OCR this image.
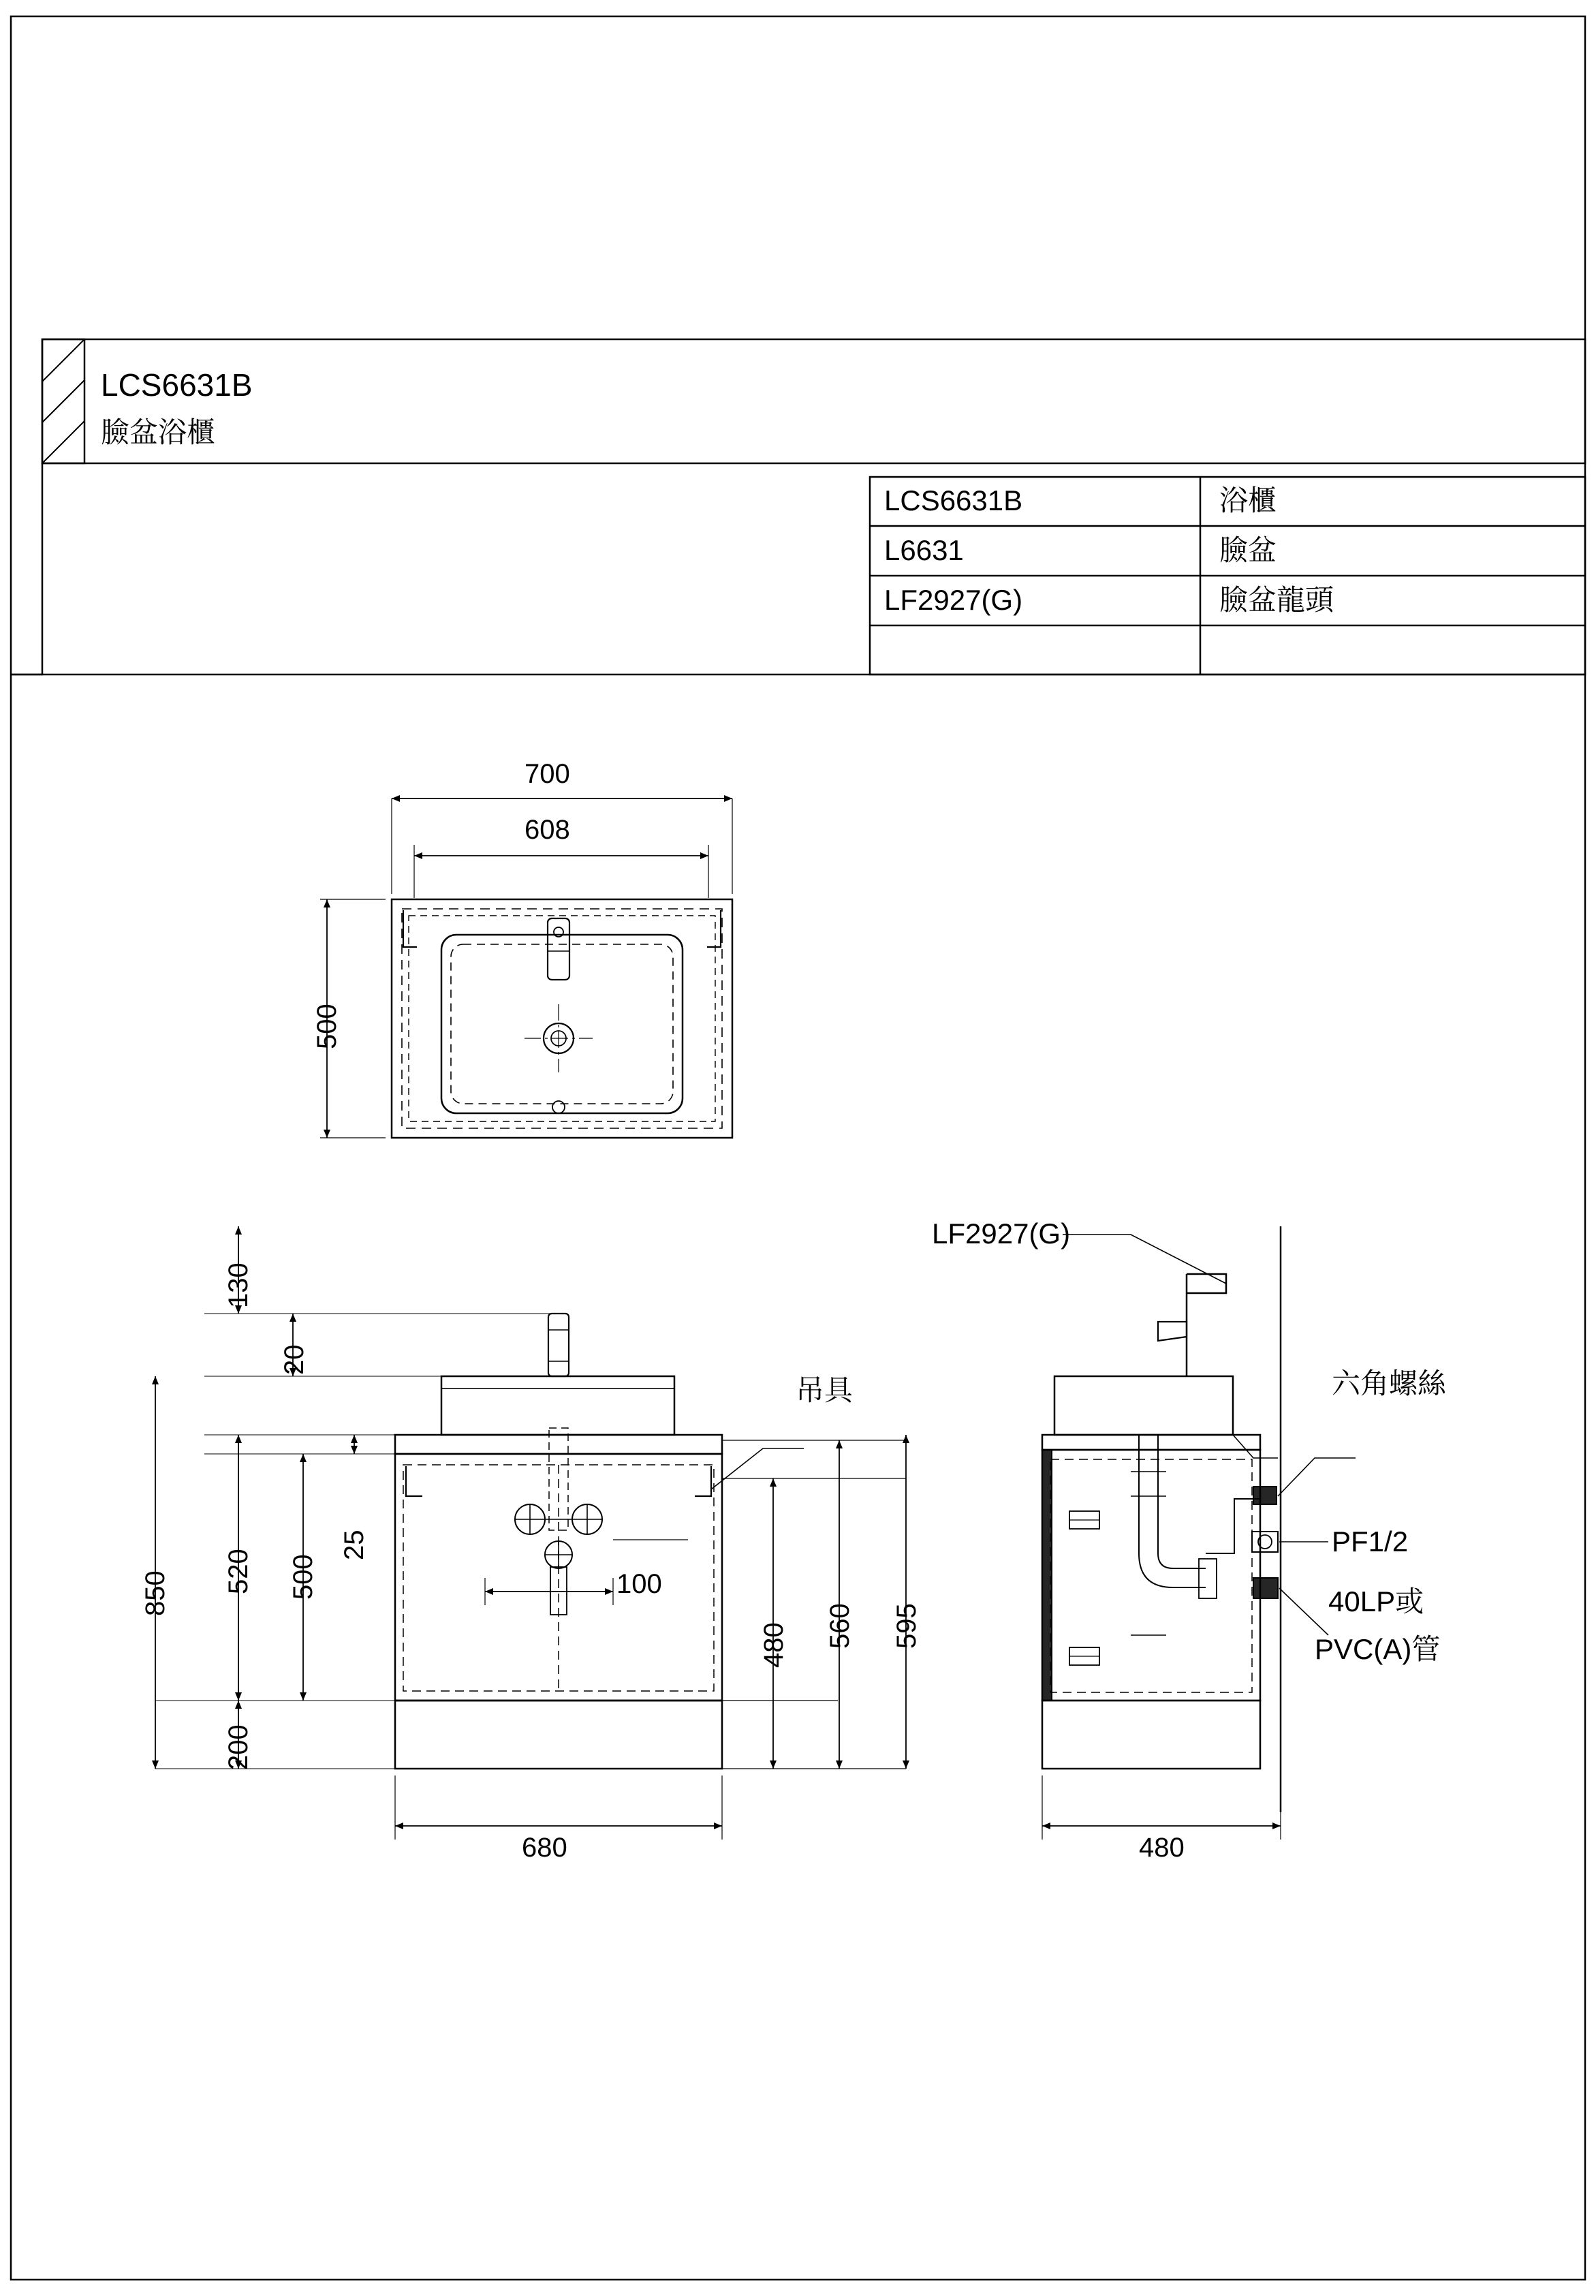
LCS6631B
臉盆浴櫃
LCS6631B	浴櫃
L6631	臉盆
LF2927(G)	臉盆龍頭
700
608
500
130
20
850 520 500
25
200
100
480 560 595
680
吊具
LF2927(G)
六角螺絲
PF1/2
40LP或
PVC(A)管
480
